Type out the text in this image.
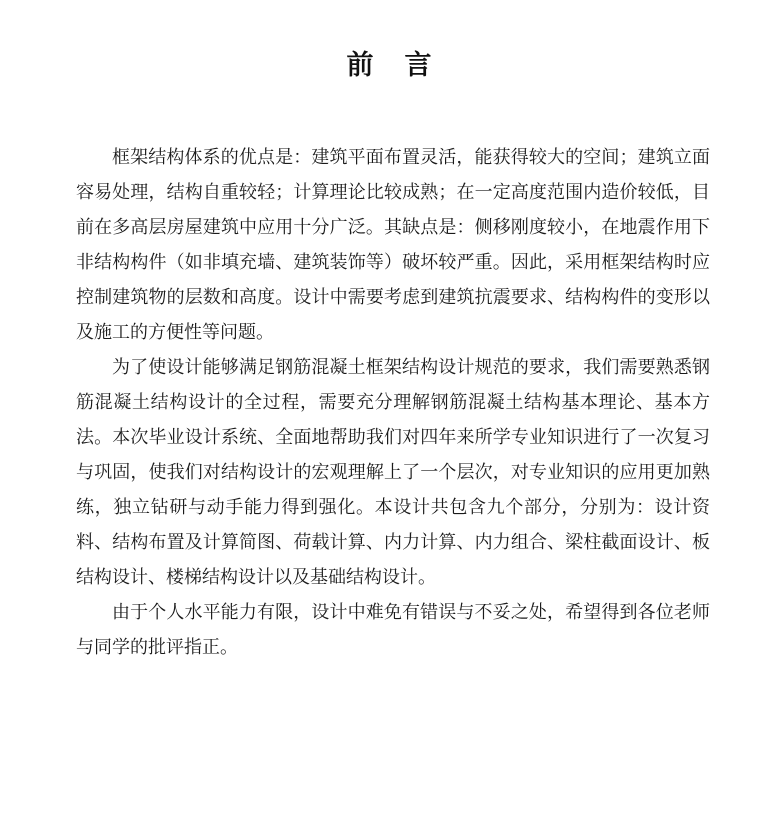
前　言

框架结构体系的优点是：建筑平面布置灵活，能获得较大的空间；建筑立面容易处理，结构自重较轻；计算理论比较成熟；在一定高度范围内造价较低，目前在多高层房屋建筑中应用十分广泛。其缺点是：侧移刚度较小，在地震作用下非结构构件（如非填充墙、建筑装饰等）破坏较严重。因此，采用框架结构时应控制建筑物的层数和高度。设计中需要考虑到建筑抗震要求、结构构件的变形以及施工的方便性等问题。

为了使设计能够满足钢筋混凝土框架结构设计规范的要求，我们需要熟悉钢筋混凝土结构设计的全过程，需要充分理解钢筋混凝土结构基本理论、基本方法。本次毕业设计系统、全面地帮助我们对四年来所学专业知识进行了一次复习与巩固，使我们对结构设计的宏观理解上了一个层次，对专业知识的应用更加熟练，独立钻研与动手能力得到强化。本设计共包含九个部分，分别为：设计资料、结构布置及计算简图、荷载计算、内力计算、内力组合、梁柱截面设计、板结构设计、楼梯结构设计以及基础结构设计。

由于个人水平能力有限，设计中难免有错误与不妥之处，希望得到各位老师与同学的批评指正。
